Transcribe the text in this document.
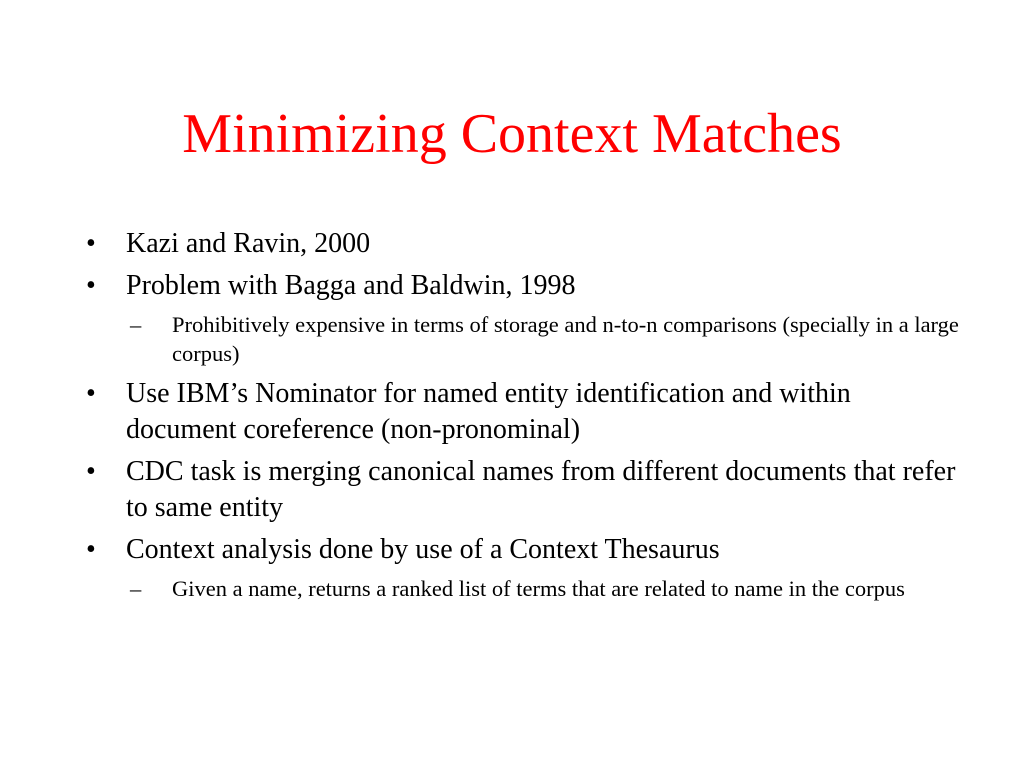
Minimizing Context Matches
•	Kazi and Ravin, 2000
•	Problem with Bagga and Baldwin, 1998
–	Prohibitively expensive in terms of storage and n-to-n comparisons (specially in a large corpus)
•	Use IBM’s Nominator for named entity identification and within document coreference (non-pronominal)
•	CDC task is merging canonical names from different documents that refer to same entity
•	Context analysis done by use of a Context Thesaurus
–	Given a name, returns a ranked list of terms that are related to name in the corpus
